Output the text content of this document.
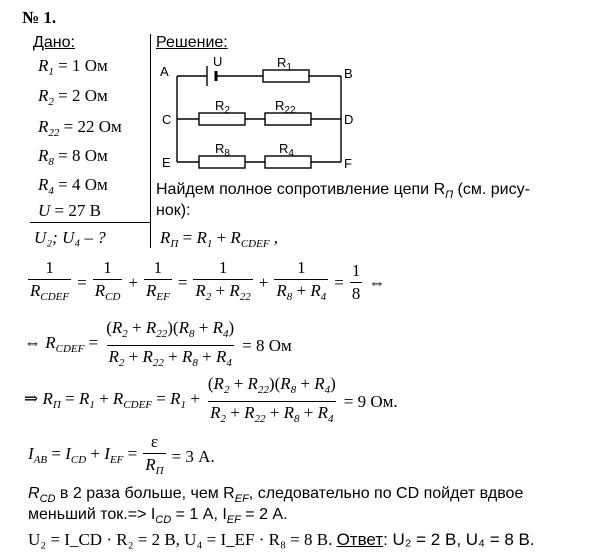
№ 1.
Дано:
$R_1 = 1$ Ом
$R_2 = 2$ Ом
$R_{22} = 22$ Ом
$R_8 = 8$ Ом
$R_4 = 4$ Ом
U = 27 В
U₂; U₄ – ?
Решение:
A	B
C	D
E	F
U	$R_1$
$R_2$	$R_{22}$
$R_8$	$R_4$
Найдем полное сопротивление цепи $R_П$ (см. рису-
нок):
$R_П = R_1 + R_{CDEF}$ ,
$\frac{1}{R_{CDEF}} = \frac{1}{R_{CD}} + \frac{1}{R_{EF}} = \frac{1}{R_2 + R_{22}} + \frac{1}{R_8 + R_4} = \frac{1}{8}$ ⇔
⇔ $R_{CDEF} = \frac{(R_2 + R_{22})(R_8 + R_4)}{R_2 + R_{22} + R_8 + R_4} = 8$ Ом
⇒ $R_П = R_1 + R_{CDEF} = R_1 + \frac{(R_2 + R_{22})(R_8 + R_4)}{R_2 + R_{22} + R_8 + R_4} = 9$ Ом.
$I_{AB} = I_{CD} + I_{EF} = \frac{\varepsilon}{R_П} = 3$ А.
$R_{CD}$ в 2 раза больше, чем $R_{EF}$, следовательно по CD пойдет вдвое
меньший $ток.=> I_{CD} = 1$ А, $I_{EF} = 2$ А.
U₂ = I_CD · R₂ = 2 В, U₄ = I_EF · R₈ = 8 В. Ответ: U₂ = 2 В, U₄ = 8 В.
